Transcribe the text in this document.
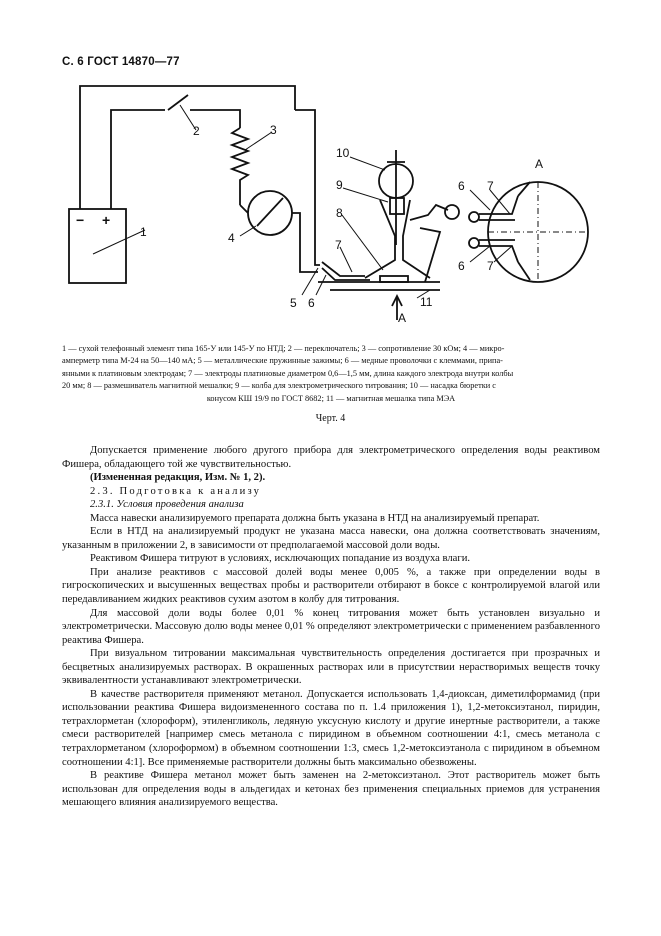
С. 6 ГОСТ 14870—77
− +
1
2	3
4
5 6
7
8
9
10
11
А
6 7
6 7
А
1 — сухой телефонный элемент типа 165-У или 145-У по НТД; 2 — переключатель; 3 — сопротивление 30 кОм; 4 — микро-
амперметр типа М-24 на 50—140 мА; 5 — металлические пружинные зажимы; 6 — медные проволочки с клеммами, припа-
янными к платиновым электродам; 7 — электроды платиновые диаметром 0,6—1,5 мм, длина каждого электрода внутри колбы
20 мм; 8 — размешиватель магнитной мешалки; 9 — колба для электрометрического титрования; 10 — насадка бюретки с
конусом КШ 19/9 по ГОСТ 8682; 11 — магнитная мешалка типа МЭА
Черт. 4

Допускается применение любого другого прибора для электрометрического определения воды реактивом Фишера, обладающего той же чувствительностью.

(Измененная редакция, Изм. № 1, 2).

2.3. Подготовка к анализу

2.3.1. Условия проведения анализа

Масса навески анализируемого препарата должна быть указана в НТД на анализируемый препарат.

Если в НТД на анализируемый продукт не указана масса навески, она должна соответствовать значениям, указанным в приложении 2, в зависимости от предполагаемой массовой доли воды.

Реактивом Фишера титруют в условиях, исключающих попадание из воздуха влаги.

При анализе реактивов с массовой долей воды менее 0,005 %, а также при определении воды в гигроскопических и высушенных веществах пробы и растворители отбирают в боксе с контролируемой влагой или передавливанием жидких реактивов сухим азотом в колбу для титрования.

Для массовой доли воды более 0,01 % конец титрования может быть установлен визуально и электрометрически. Массовую долю воды менее 0,01 % определяют электрометрически с применением разбавленного реактива Фишера.

При визуальном титровании максимальная чувствительность определения достигается при прозрачных и бесцветных анализируемых растворах. В окрашенных растворах или в присутствии нерастворимых веществ точку эквивалентности устанавливают электрометрически.

В качестве растворителя применяют метанол. Допускается использовать 1,4-диоксан, диметилформамид (при использовании реактива Фишера видоизмененного состава по п. 1.4 приложения 1), 1,2-метоксиэтанол, пиридин, тетрахлорметан (хлороформ), этиленгликоль, ледяную уксусную кислоту и другие инертные растворители, а также смеси растворителей [например смесь метанола с пиридином в объемном соотношении 4:1, смесь метанола с тетрахлорметаном (хлороформом) в объемном соотношении 1:3, смесь 1,2-метоксиэтанола с пиридином в объемном соотношении 4:1]. Все применяемые растворители должны быть максимально обезвожены.

В реактиве Фишера метанол может быть заменен на 2-метоксиэтанол. Этот растворитель может быть использован для определения воды в альдегидах и кетонах без применения специальных приемов для устранения мешающего влияния анализируемого вещества.
